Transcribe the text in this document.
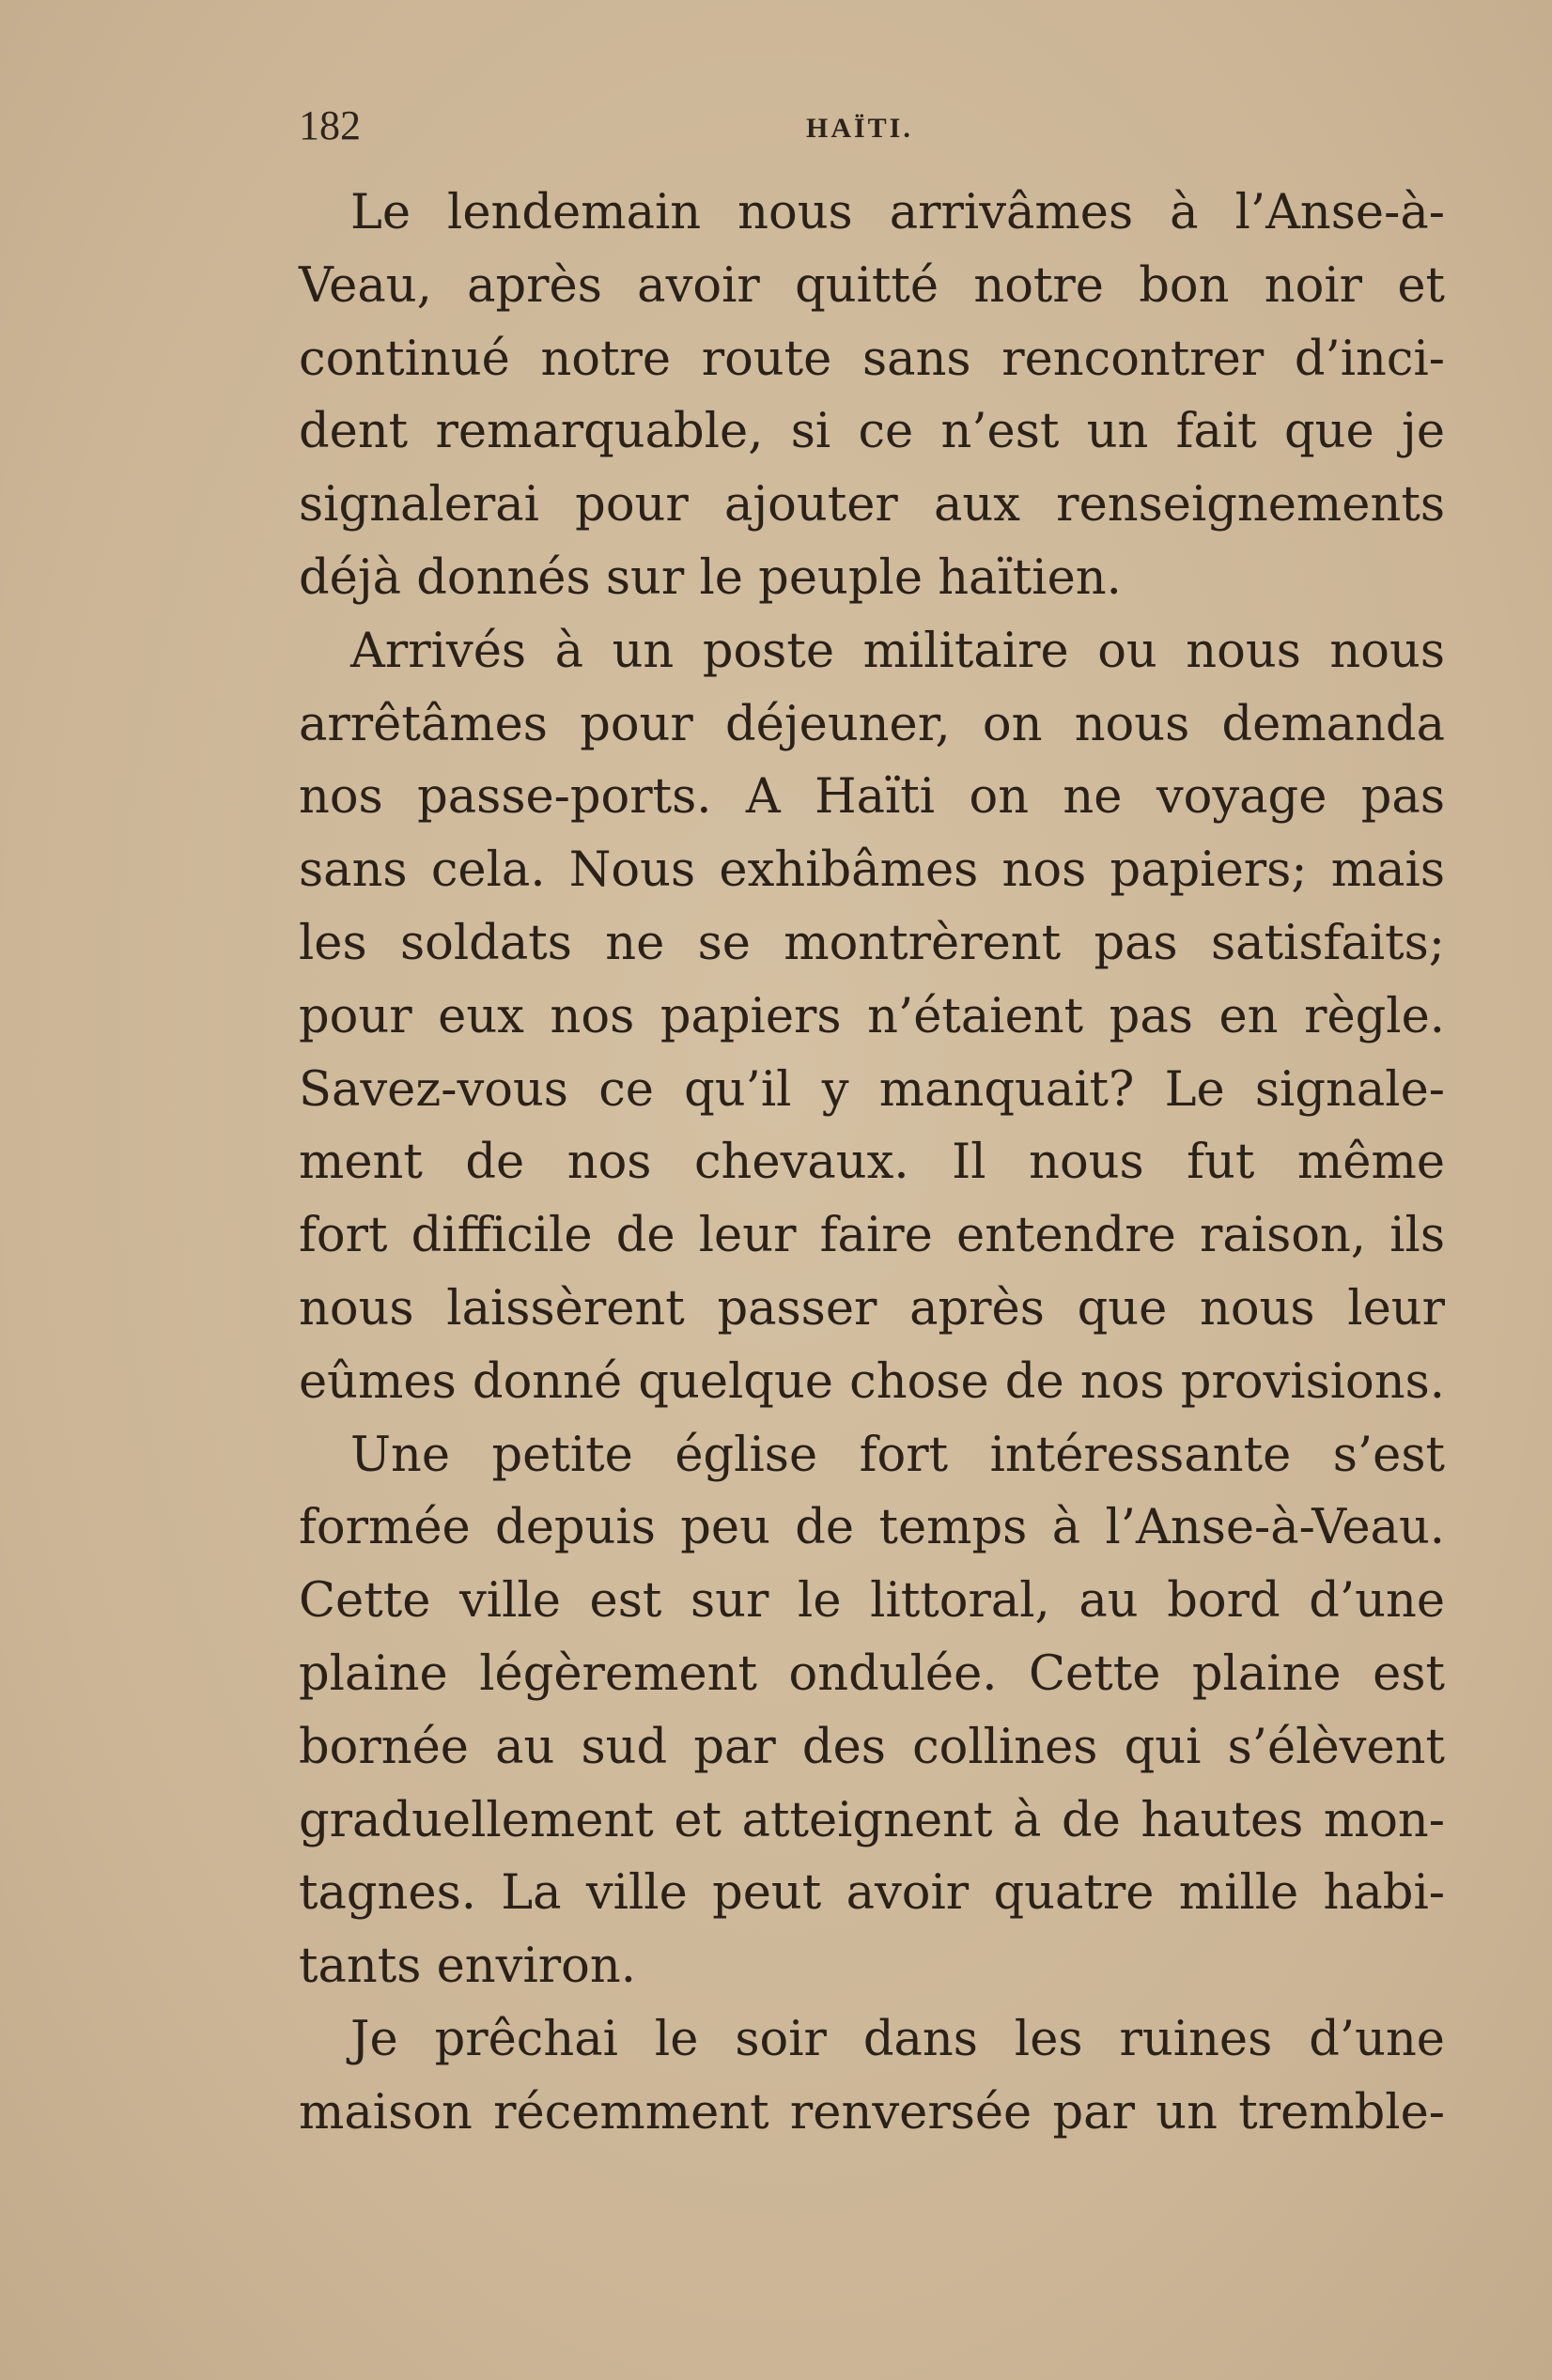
182	HAÏTI.
Le lendemain nous arrivâmes à l’Anse-à-
Veau, après avoir quitté notre bon noir et
continué notre route sans rencontrer d’inci-
dent remarquable, si ce n’est un fait que je
signalerai pour ajouter aux renseignements
déjà donnés sur le peuple haïtien.
Arrivés à un poste militaire ou nous nous
arrêtâmes pour déjeuner, on nous demanda
nos passe-ports. A Haïti on ne voyage pas
sans cela. Nous exhibâmes nos papiers; mais
les soldats ne se montrèrent pas satisfaits;
pour eux nos papiers n’étaient pas en règle.
Savez-vous ce qu’il y manquait? Le signale-
ment de nos chevaux. Il nous fut même
fort difficile de leur faire entendre raison, ils
nous laissèrent passer après que nous leur
eûmes donné quelque chose de nos provisions.
Une petite église fort intéressante s’est
formée depuis peu de temps à l’Anse-à-Veau.
Cette ville est sur le littoral, au bord d’une
plaine légèrement ondulée. Cette plaine est
bornée au sud par des collines qui s’élèvent
graduellement et atteignent à de hautes mon-
tagnes. La ville peut avoir quatre mille habi-
tants environ.
Je prêchai le soir dans les ruines d’une
maison récemment renversée par un tremble-
